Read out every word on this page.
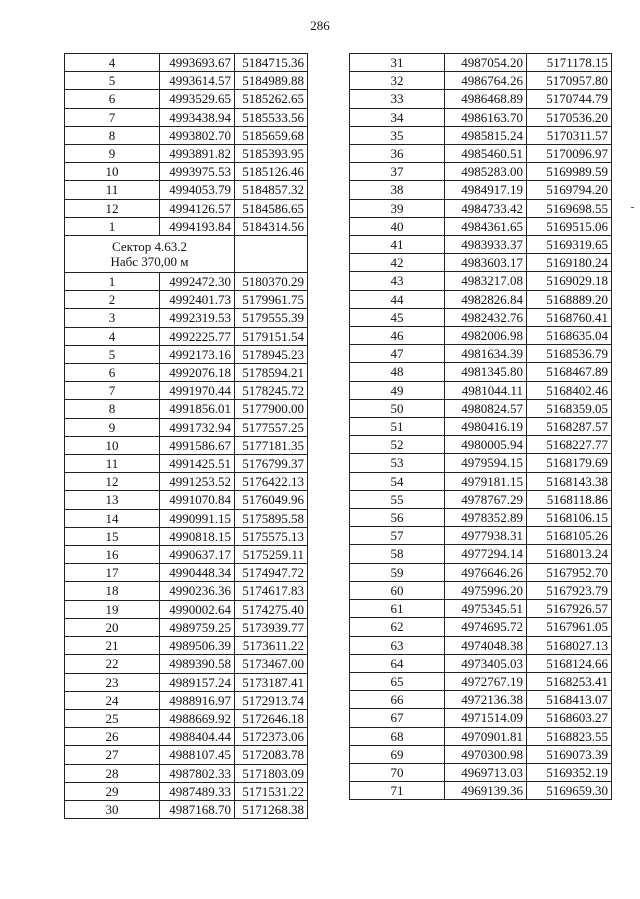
286
4	4993693.67	5184715.36
5	4993614.57	5184989.88
6	4993529.65	5185262.65
7	4993438.94	5185533.56
8	4993802.70	5185659.68
9	4993891.82	5185393.95
10	4993975.53	5185126.46
11	4994053.79	5184857.32
12	4994126.57	5184586.65
1	4994193.84	5184314.56
Сектор 4.63.2
Набс 370,00 м		
1	4992472.30	5180370.29
2	4992401.73	5179961.75
3	4992319.53	5179555.39
4	4992225.77	5179151.54
5	4992173.16	5178945.23
6	4992076.18	5178594.21
7	4991970.44	5178245.72
8	4991856.01	5177900.00
9	4991732.94	5177557.25
10	4991586.67	5177181.35
11	4991425.51	5176799.37
12	4991253.52	5176422.13
13	4991070.84	5176049.96
14	4990991.15	5175895.58
15	4990818.15	5175575.13
16	4990637.17	5175259.11
17	4990448.34	5174947.72
18	4990236.36	5174617.83
19	4990002.64	5174275.40
20	4989759.25	5173939.77
21	4989506.39	5173611.22
22	4989390.58	5173467.00
23	4989157.24	5173187.41
24	4988916.97	5172913.74
25	4988669.92	5172646.18
26	4988404.44	5172373.06
27	4988107.45	5172083.78
28	4987802.33	5171803.09
29	4987489.33	5171531.22
30	4987168.70	5171268.38
31	4987054.20	5171178.15
32	4986764.26	5170957.80
33	4986468.89	5170744.79
34	4986163.70	5170536.20
35	4985815.24	5170311.57
36	4985460.51	5170096.97
37	4985283.00	5169989.59
38	4984917.19	5169794.20
39	4984733.42	5169698.55
40	4984361.65	5169515.06
41	4983933.37	5169319.65
42	4983603.17	5169180.24
43	4983217.08	5169029.18
44	4982826.84	5168889.20
45	4982432.76	5168760.41
46	4982006.98	5168635.04
47	4981634.39	5168536.79
48	4981345.80	5168467.89
49	4981044.11	5168402.46
50	4980824.57	5168359.05
51	4980416.19	5168287.57
52	4980005.94	5168227.77
53	4979594.15	5168179.69
54	4979181.15	5168143.38
55	4978767.29	5168118.86
56	4978352.89	5168106.15
57	4977938.31	5168105.26
58	4977294.14	5168013.24
59	4976646.26	5167952.70
60	4975996.20	5167923.79
61	4975345.51	5167926.57
62	4974695.72	5167961.05
63	4974048.38	5168027.13
64	4973405.03	5168124.66
65	4972767.19	5168253.41
66	4972136.38	5168413.07
67	4971514.09	5168603.27
68	4970901.81	5168823.55
69	4970300.98	5169073.39
70	4969713.03	5169352.19
71	4969139.36	5169659.30
